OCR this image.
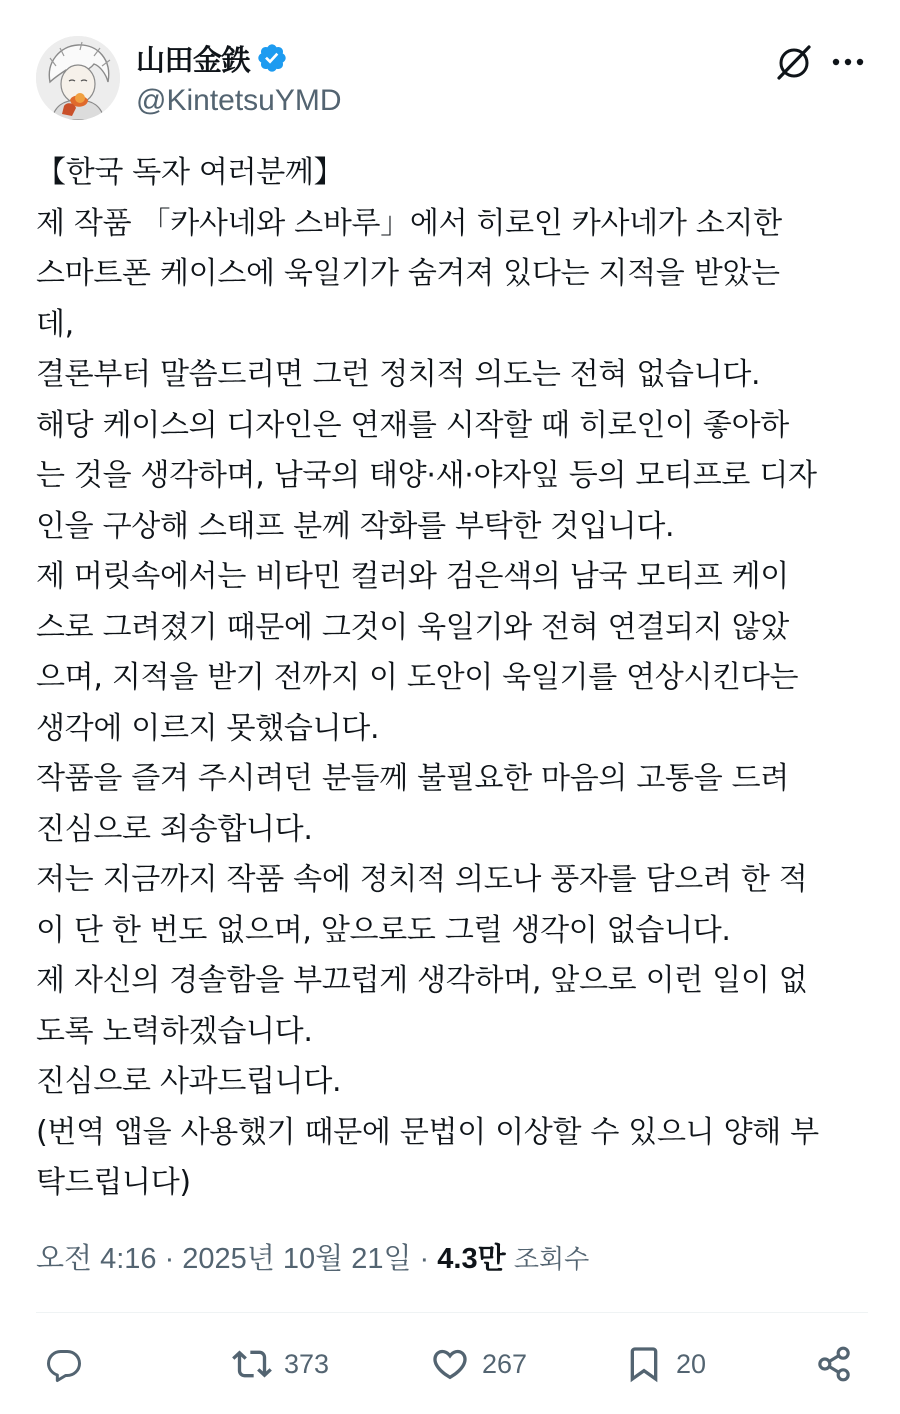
山田金鉄
@KintetsuYMD
【한국 독자 여러분께】
제 작품 「카사네와 스바루」에서 히로인 카사네가 소지한
스마트폰 케이스에 욱일기가 숨겨져 있다는 지적을 받았는
데,
결론부터 말씀드리면 그런 정치적 의도는 전혀 없습니다.
해당 케이스의 디자인은 연재를 시작할 때 히로인이 좋아하
는 것을 생각하며, 남국의 태양·새·야자잎 등의 모티프로 디자
인을 구상해 스태프 분께 작화를 부탁한 것입니다.
제 머릿속에서는 비타민 컬러와 검은색의 남국 모티프 케이
스로 그려졌기 때문에 그것이 욱일기와 전혀 연결되지 않았
으며, 지적을 받기 전까지 이 도안이 욱일기를 연상시킨다는
생각에 이르지 못했습니다.
작품을 즐겨 주시려던 분들께 불필요한 마음의 고통을 드려
진심으로 죄송합니다.
저는 지금까지 작품 속에 정치적 의도나 풍자를 담으려 한 적
이 단 한 번도 없으며, 앞으로도 그럴 생각이 없습니다.
제 자신의 경솔함을 부끄럽게 생각하며, 앞으로 이런 일이 없
도록 노력하겠습니다.
진심으로 사과드립니다.
(번역 앱을 사용했기 때문에 문법이 이상할 수 있으니 양해 부
탁드립니다)
오전 4:16 · 2025년 10월 21일 · 4.3만 조회수
373	267	20
